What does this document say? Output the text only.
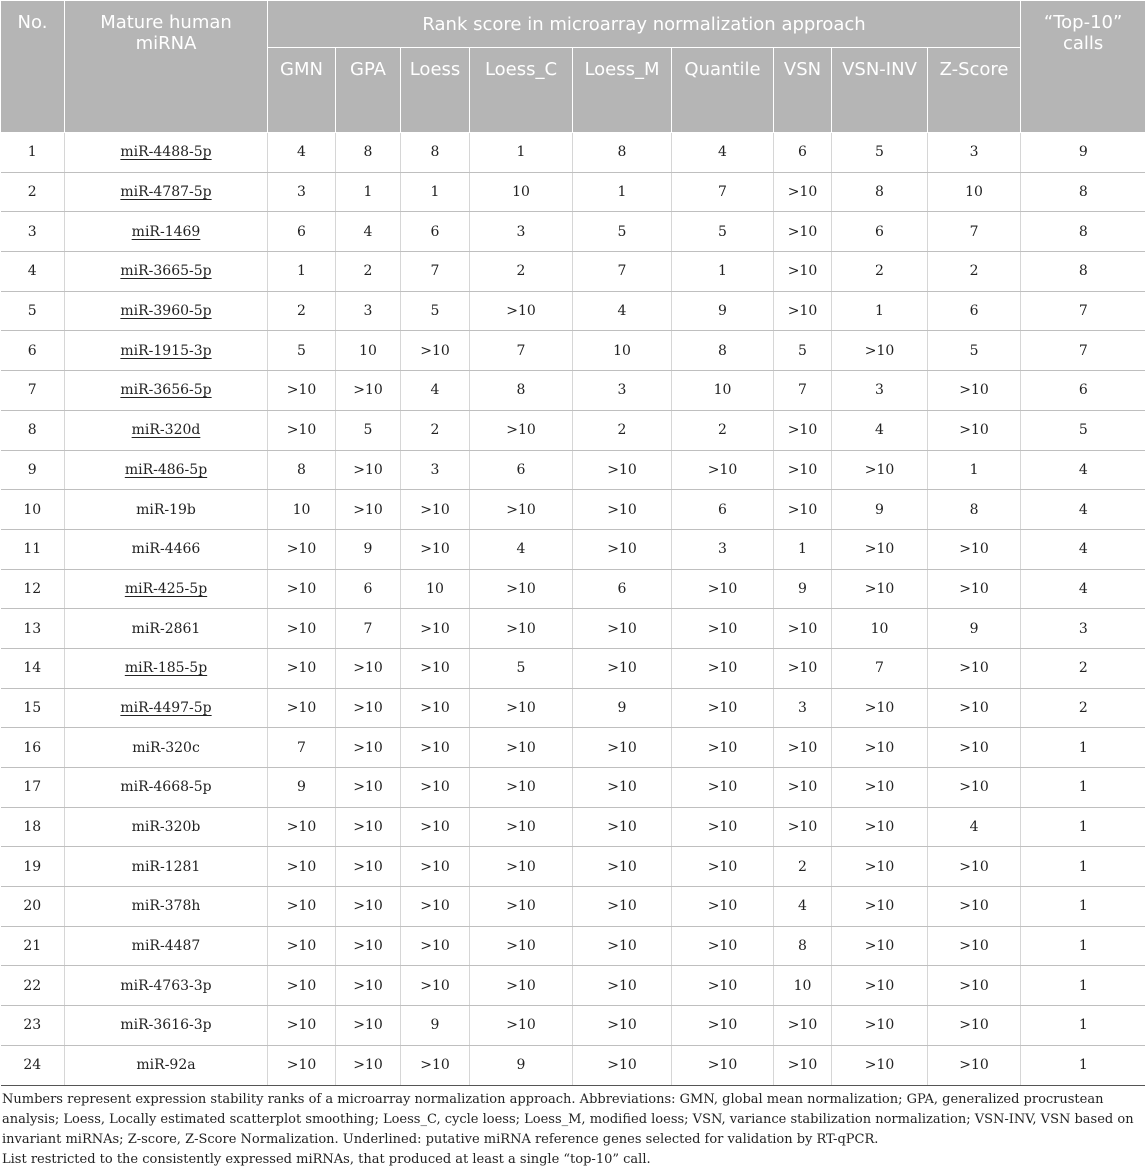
No.	Mature human miRNA	Rank score in microarray normalization approach									“Top-10” calls
		GMN	GPA	Loess	Loess_C	Loess_M	Quantile	VSN	VSN-INV	Z-Score	
1	miR-4488-5p	4	8	8	1	8	4	6	5	3	9
2	miR-4787-5p	3	1	1	10	1	7	>10	8	10	8
3	miR-1469	6	4	6	3	5	5	>10	6	7	8
4	miR-3665-5p	1	2	7	2	7	1	>10	2	2	8
5	miR-3960-5p	2	3	5	>10	4	9	>10	1	6	7
6	miR-1915-3p	5	10	>10	7	10	8	5	>10	5	7
7	miR-3656-5p	>10	>10	4	8	3	10	7	3	>10	6
8	miR-320d	>10	5	2	>10	2	2	>10	4	>10	5
9	miR-486-5p	8	>10	3	6	>10	>10	>10	>10	1	4
10	miR-19b	10	>10	>10	>10	>10	6	>10	9	8	4
11	miR-4466	>10	9	>10	4	>10	3	1	>10	>10	4
12	miR-425-5p	>10	6	10	>10	6	>10	9	>10	>10	4
13	miR-2861	>10	7	>10	>10	>10	>10	>10	10	9	3
14	miR-185-5p	>10	>10	>10	5	>10	>10	>10	7	>10	2
15	miR-4497-5p	>10	>10	>10	>10	9	>10	3	>10	>10	2
16	miR-320c	7	>10	>10	>10	>10	>10	>10	>10	>10	1
17	miR-4668-5p	9	>10	>10	>10	>10	>10	>10	>10	>10	1
18	miR-320b	>10	>10	>10	>10	>10	>10	>10	>10	4	1
19	miR-1281	>10	>10	>10	>10	>10	>10	2	>10	>10	1
20	miR-378h	>10	>10	>10	>10	>10	>10	4	>10	>10	1
21	miR-4487	>10	>10	>10	>10	>10	>10	8	>10	>10	1
22	miR-4763-3p	>10	>10	>10	>10	>10	>10	10	>10	>10	1
23	miR-3616-3p	>10	>10	9	>10	>10	>10	>10	>10	>10	1
24	miR-92a	>10	>10	>10	9	>10	>10	>10	>10	>10	1

Numbers represent expression stability ranks of a microarray normalization approach. Abbreviations: GMN, global mean normalization; GPA, generalized procrustean analysis; Loess, Locally estimated scatterplot smoothing; Loess_C, cycle loess; Loess_M, modified loess; VSN, variance stabilization normalization; VSN-INV, VSN based on invariant miRNAs; Z-score, Z-Score Normalization. Underlined: putative miRNA reference genes selected for validation by RT-qPCR.

List restricted to the consistently expressed miRNAs, that produced at least a single “top-10” call.
